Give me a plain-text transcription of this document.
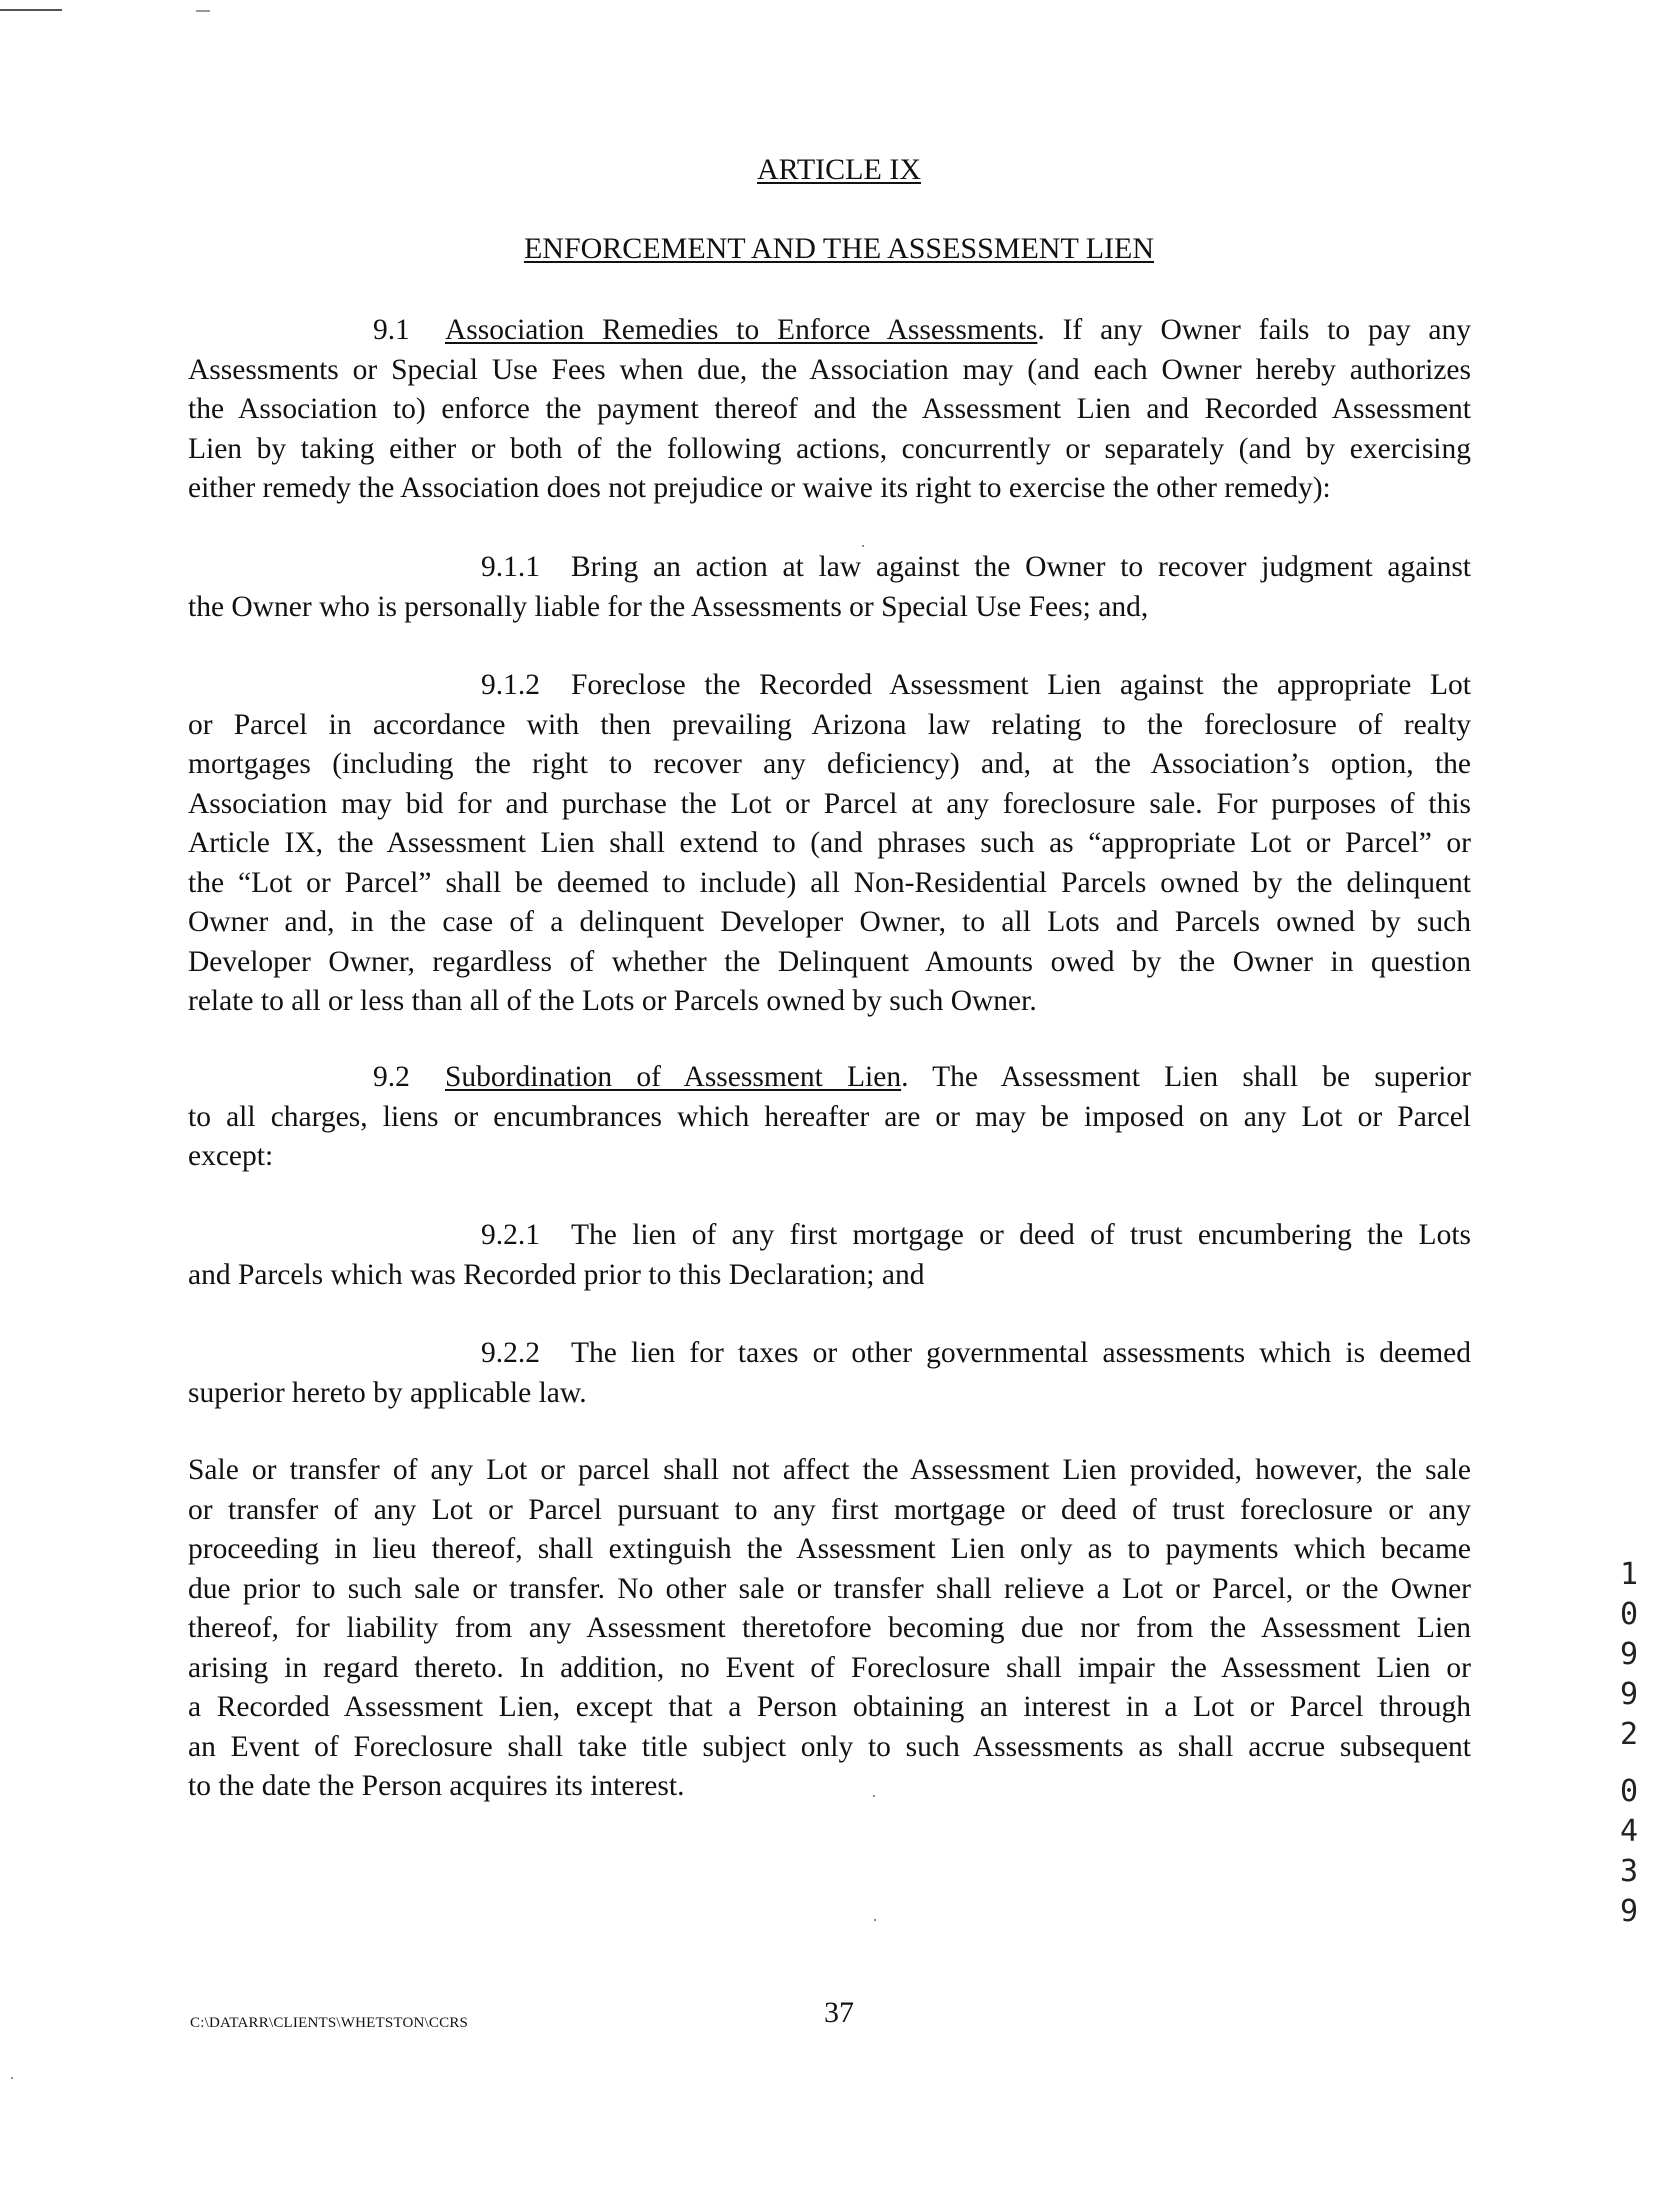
ARTICLE IX
ENFORCEMENT AND THE ASSESSMENT LIEN
9.1 Association Remedies to Enforce Assessments. If any Owner fails to pay any
Assessments or Special Use Fees when due, the Association may (and each Owner hereby authorizes
the Association to) enforce the payment thereof and the Assessment Lien and Recorded Assessment
Lien by taking either or both of the following actions, concurrently or separately (and by exercising
either remedy the Association does not prejudice or waive its right to exercise the other remedy):
9.1.1 Bring an action at law against the Owner to recover judgment against
the Owner who is personally liable for the Assessments or Special Use Fees; and,
9.1.2 Foreclose the Recorded Assessment Lien against the appropriate Lot
or Parcel in accordance with then prevailing Arizona law relating to the foreclosure of realty
mortgages (including the right to recover any deficiency) and, at the Association’s option, the
Association may bid for and purchase the Lot or Parcel at any foreclosure sale. For purposes of this
Article IX, the Assessment Lien shall extend to (and phrases such as “appropriate Lot or Parcel” or
the “Lot or Parcel” shall be deemed to include) all Non-Residential Parcels owned by the delinquent
Owner and, in the case of a delinquent Developer Owner, to all Lots and Parcels owned by such
Developer Owner, regardless of whether the Delinquent Amounts owed by the Owner in question
relate to all or less than all of the Lots or Parcels owned by such Owner.
9.2 Subordination of Assessment Lien. The Assessment Lien shall be superior
to all charges, liens or encumbrances which hereafter are or may be imposed on any Lot or Parcel
except:
9.2.1 The lien of any first mortgage or deed of trust encumbering the Lots
and Parcels which was Recorded prior to this Declaration; and
9.2.2 The lien for taxes or other governmental assessments which is deemed
superior hereto by applicable law.
Sale or transfer of any Lot or parcel shall not affect the Assessment Lien provided, however, the sale
or transfer of any Lot or Parcel pursuant to any first mortgage or deed of trust foreclosure or any
proceeding in lieu thereof, shall extinguish the Assessment Lien only as to payments which became
due prior to such sale or transfer. No other sale or transfer shall relieve a Lot or Parcel, or the Owner
thereof, for liability from any Assessment theretofore becoming due nor from the Assessment Lien
arising in regard thereto. In addition, no Event of Foreclosure shall impair the Assessment Lien or
a Recorded Assessment Lien, except that a Person obtaining an interest in a Lot or Parcel through
an Event of Foreclosure shall take title subject only to such Assessments as shall accrue subsequent
to the date the Person acquires its interest.
1
0
9
9
2
0
4
3
9
C:\DATARR\CLIENTS\WHETSTON\CCRS	37
